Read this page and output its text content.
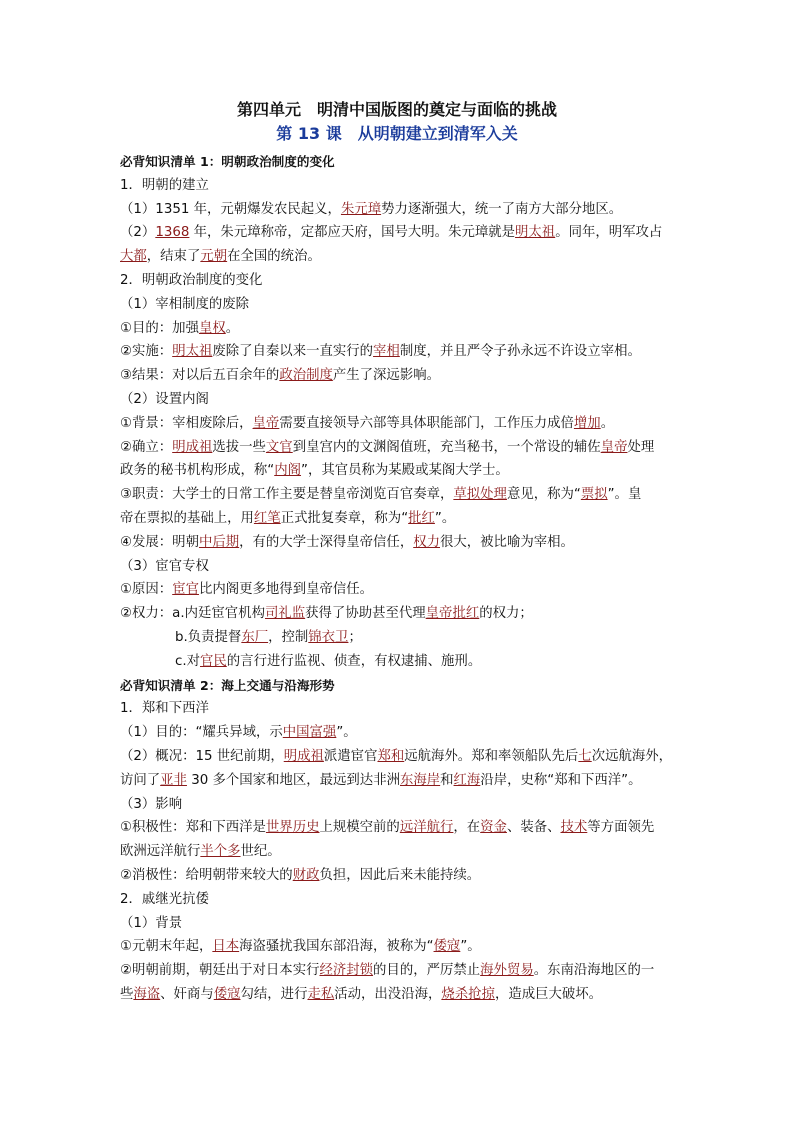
第四单元　明清中国版图的奠定与面临的挑战
第 13 课　从明朝建立到清军入关
必背知识清单 1：明朝政治制度的变化
1．明朝的建立
（1）1351 年，元朝爆发农民起义，朱元璋势力逐渐强大，统一了南方大部分地区。
（2）1368 年，朱元璋称帝，定都应天府，国号大明。朱元璋就是明太祖。同年，明军攻占
大都，结束了元朝在全国的统治。
2．明朝政治制度的变化
（1）宰相制度的废除
①目的：加强皇权。
②实施：明太祖废除了自秦以来一直实行的宰相制度，并且严令子孙永远不许设立宰相。
③结果：对以后五百余年的政治制度产生了深远影响。
（2）设置内阁
①背景：宰相废除后，皇帝需要直接领导六部等具体职能部门，工作压力成倍增加。
②确立：明成祖选拔一些文官到皇宫内的文渊阁值班，充当秘书，一个常设的辅佐皇帝处理
政务的秘书机构形成，称“内阁”，其官员称为某殿或某阁大学士。
③职责：大学士的日常工作主要是替皇帝浏览百官奏章，草拟处理意见，称为“票拟”。皇
帝在票拟的基础上，用红笔正式批复奏章，称为“批红”。
④发展：明朝中后期，有的大学士深得皇帝信任，权力很大，被比喻为宰相。
（3）宦官专权
①原因：宦官比内阁更多地得到皇帝信任。
②权力：a.内廷宦官机构司礼监获得了协助甚至代理皇帝批红的权力；
b.负责提督东厂，控制锦衣卫；
c.对官民的言行进行监视、侦查，有权逮捕、施刑。
必背知识清单 2：海上交通与沿海形势
1．郑和下西洋
（1）目的：“耀兵异域，示中国富强”。
（2）概况：15 世纪前期，明成祖派遣宦官郑和远航海外。郑和率领船队先后七次远航海外，
访问了亚非 30 多个国家和地区，最远到达非洲东海岸和红海沿岸，史称“郑和下西洋”。
（3）影响
①积极性：郑和下西洋是世界历史上规模空前的远洋航行，在资金、装备、技术等方面领先
欧洲远洋航行半个多世纪。
②消极性：给明朝带来较大的财政负担，因此后来未能持续。
2．戚继光抗倭
（1）背景
①元朝末年起，日本海盗骚扰我国东部沿海，被称为“倭寇”。
②明朝前期，朝廷出于对日本实行经济封锁的目的，严厉禁止海外贸易。东南沿海地区的一
些海盗、奸商与倭寇勾结，进行走私活动，出没沿海，烧杀抢掠，造成巨大破坏。
